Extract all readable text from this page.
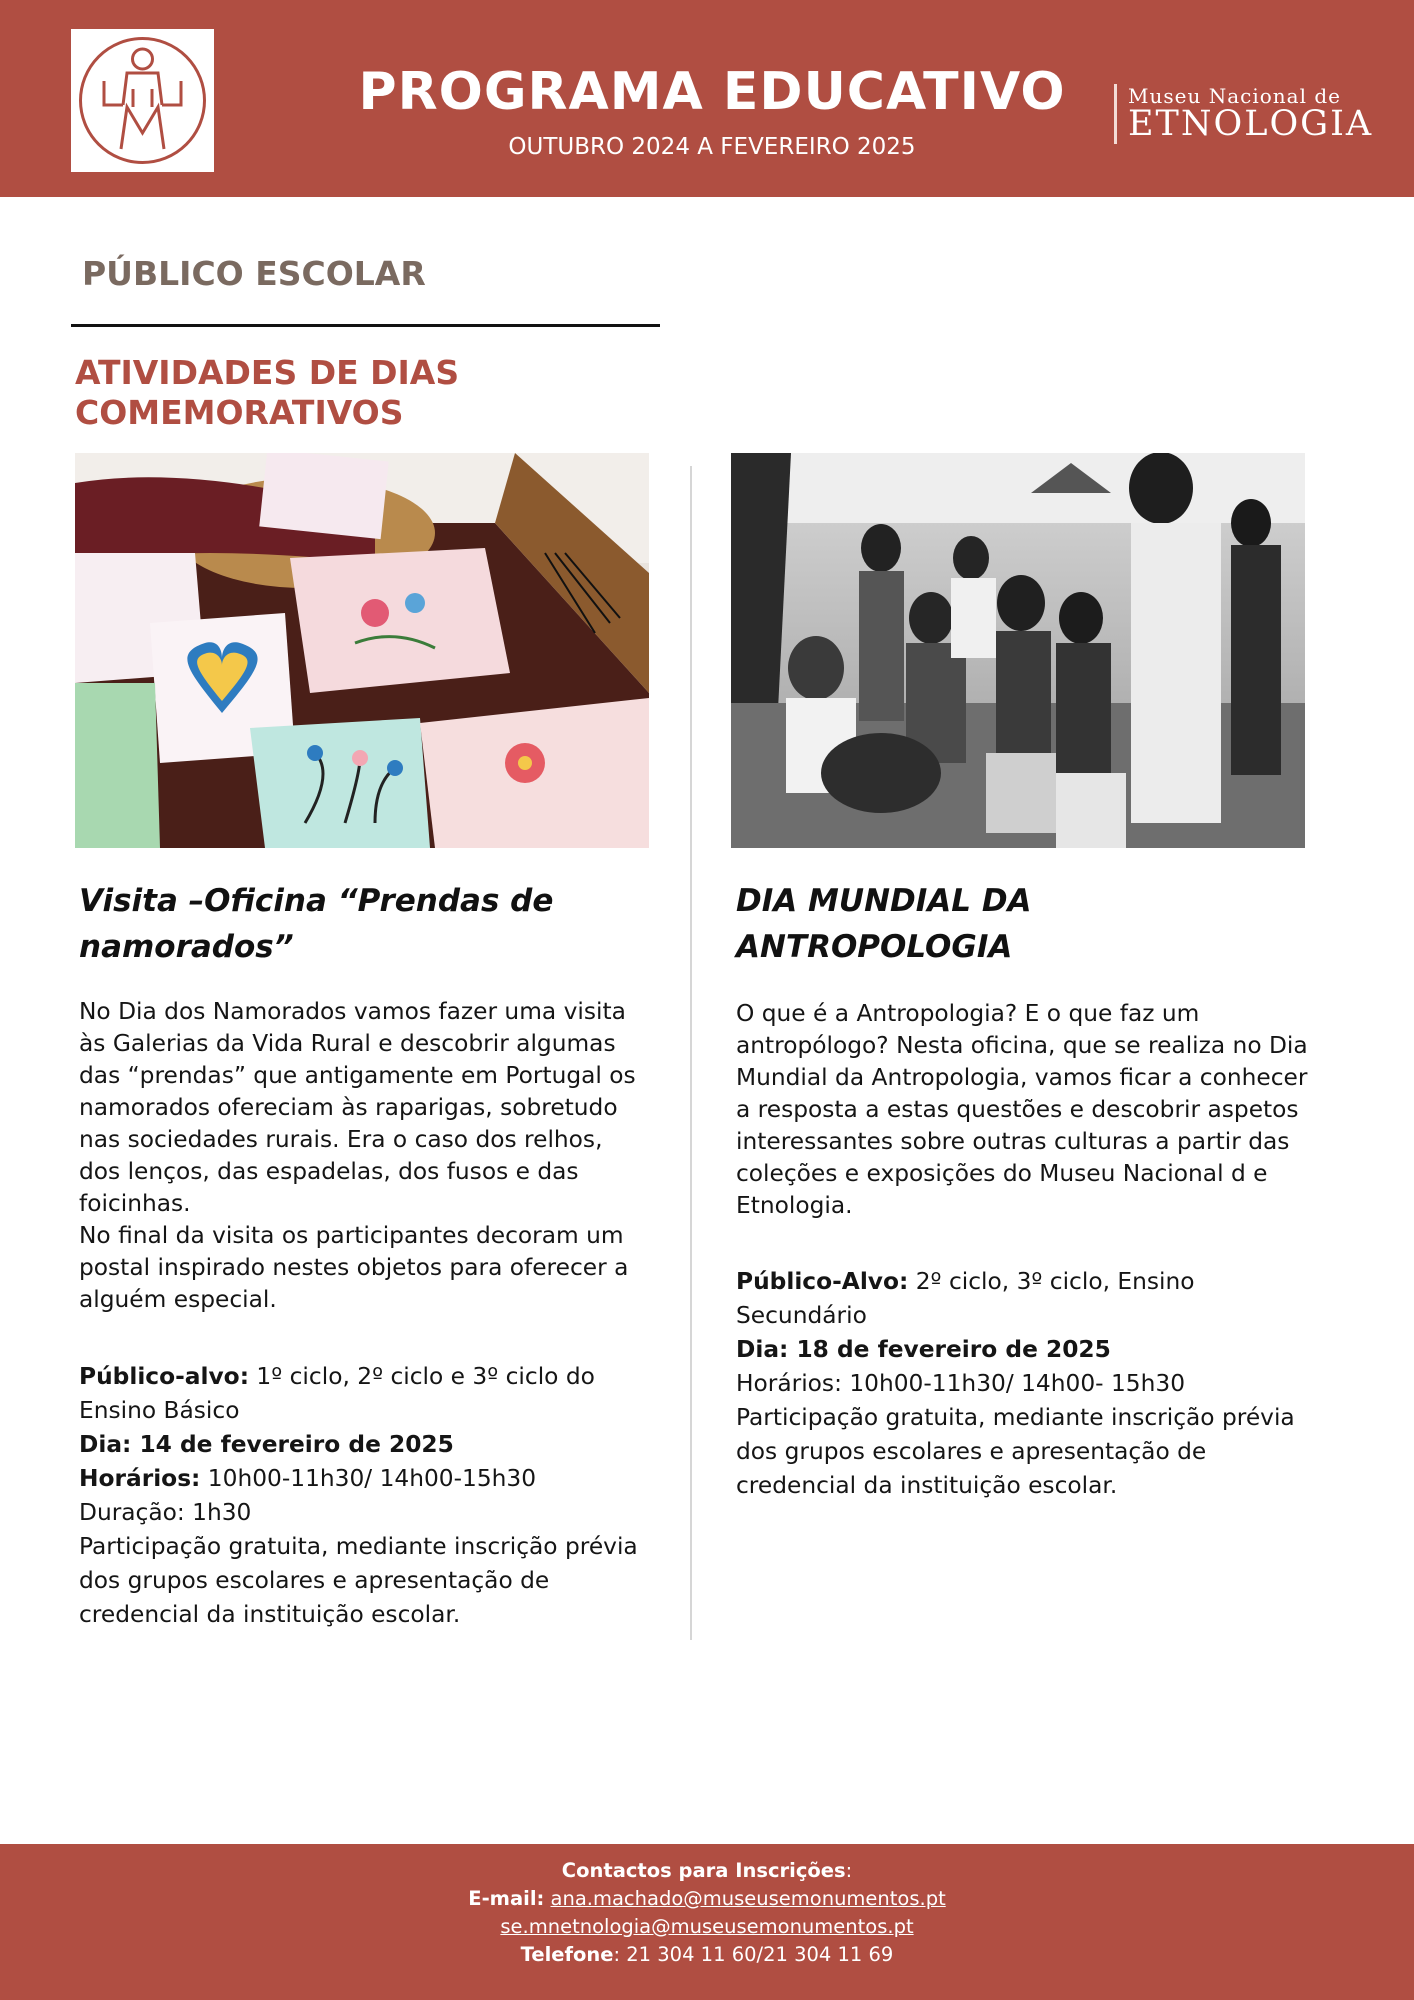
PROGRAMA EDUCATIVO
OUTUBRO 2024 A FEVEREIRO 2025
Museu Nacional de
ETNOLOGIA
PÚBLICO ESCOLAR
ATIVIDADES DE DIAS COMEMORATIVOS
Visita –Oficina “Prendas de namorados”

No Dia dos Namorados vamos fazer uma visita às Galerias da Vida Rural e descobrir algumas das “prendas” que antigamente em Portugal os namorados ofereciam às raparigas, sobretudo nas sociedades rurais. Era o caso dos relhos, dos lenços, das espadelas, dos fusos e das foicinhas.

No final da visita os participantes decoram um postal inspirado nestes objetos para oferecer a alguém especial.

Público-alvo: 1º ciclo, 2º ciclo e 3º ciclo do Ensino Básico
Dia: 14 de fevereiro de 2025
Horários: 10h00-11h30/ 14h00-15h30
Duração: 1h30
Participação gratuita, mediante inscrição prévia dos grupos escolares e apresentação de credencial da instituição escolar.
DIA MUNDIAL DA ANTROPOLOGIA

O que é a Antropologia? E o que faz um antropólogo? Nesta oficina, que se realiza no Dia Mundial da Antropologia, vamos ficar a conhecer a resposta a estas questões e descobrir aspetos interessantes sobre outras culturas a partir das coleções e exposições do Museu Nacional d e Etnologia.

Público-Alvo: 2º ciclo, 3º ciclo, Ensino Secundário
Dia: 18 de fevereiro de 2025
Horários: 10h00-11h30/ 14h00- 15h30
Participação gratuita, mediante inscrição prévia dos grupos escolares e apresentação de credencial da instituição escolar.
Contactos para Inscrições:
E-mail: ana.machado@museusemonumentos.pt
se.mnetnologia@museusemonumentos.pt
Telefone: 21 304 11 60/21 304 11 69
